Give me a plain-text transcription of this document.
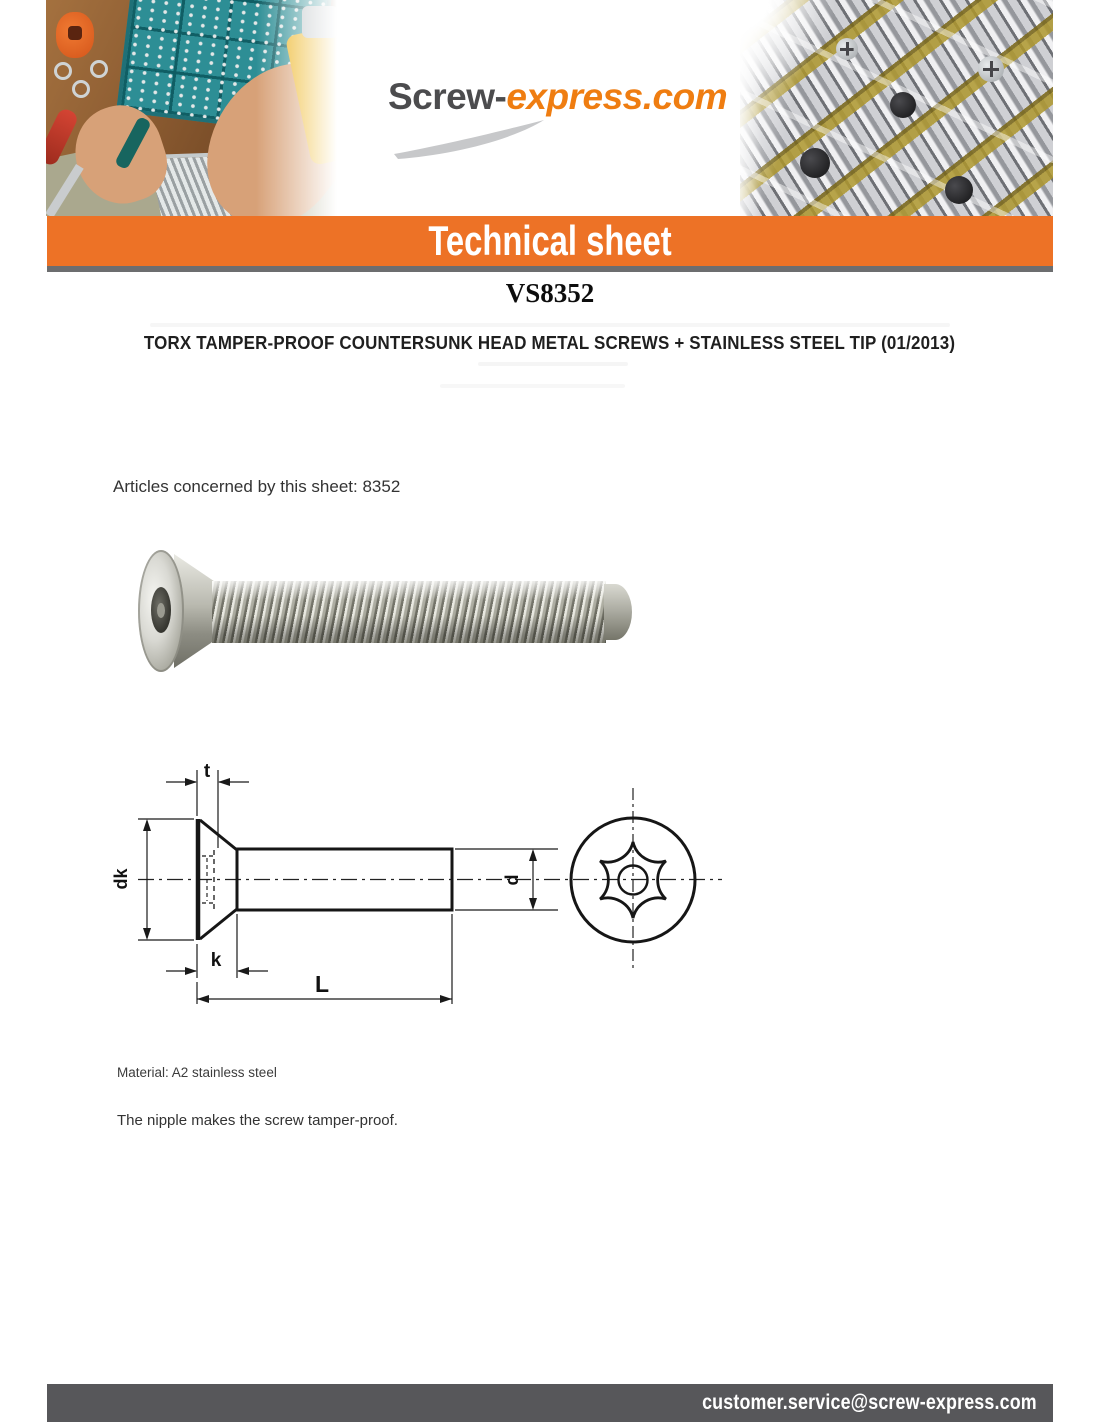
Screw-express.com
Technical sheet
VS8352
TORX TAMPER-PROOF COUNTERSUNK HEAD METAL SCREWS + STAINLESS STEEL TIP (01/2013)
Articles concerned by this sheet: 8352
t
dk
k
L
d
Material: A2 stainless steel
The nipple makes the screw tamper-proof.
customer.service@screw-express.com
